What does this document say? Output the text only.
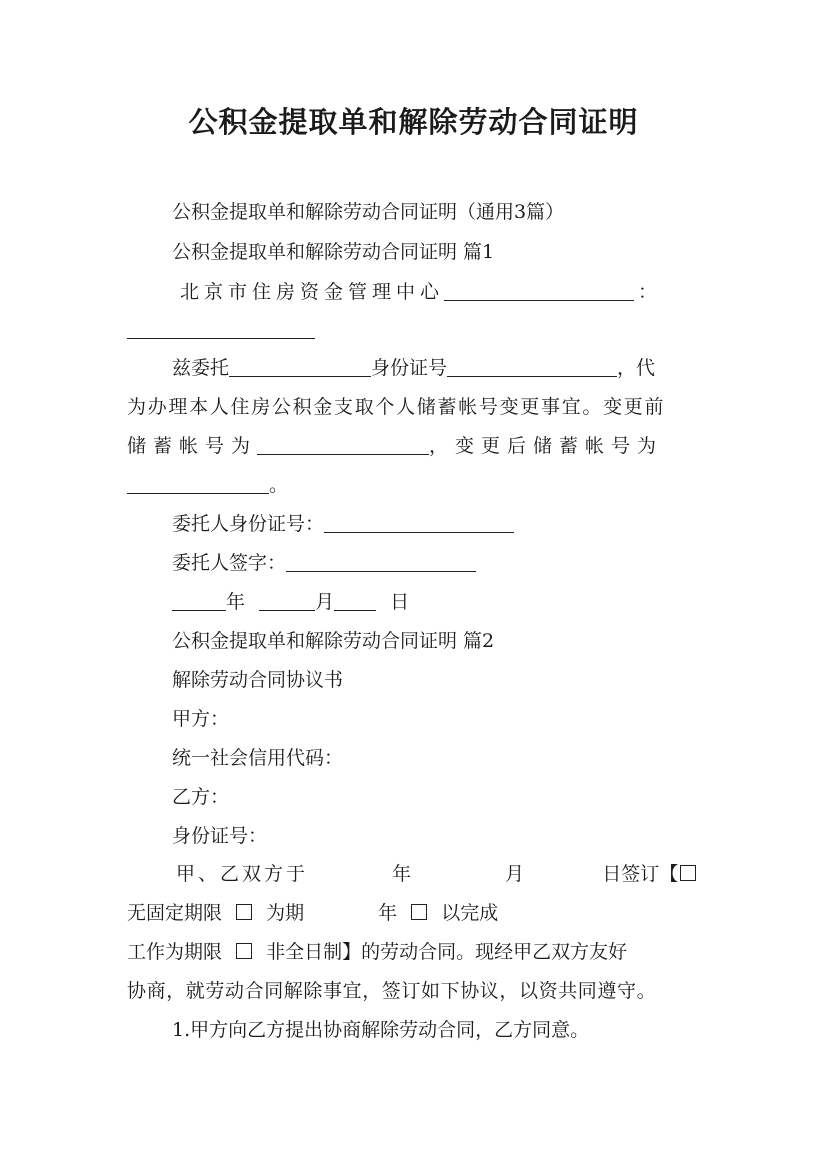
公积金提取单和解除劳动合同证明
公积金提取单和解除劳动合同证明（通用3篇）
公积金提取单和解除劳动合同证明 篇1
北京市住房资金管理中心	：
兹委托	身份证号	，代
为办理本人住房公积金支取个人储蓄帐号变更事宜。变更前
储蓄帐号为	，变更后储蓄帐号为
。
委托人身份证号：
委托人签字：
年	月	日
公积金提取单和解除劳动合同证明 篇2
解除劳动合同协议书
甲方：
统一社会信用代码：
乙方：
身份证号：
甲、乙双方于	年	月	日签订【
无固定期限 为期	年 以完成
工作为期限 非全日制】的劳动合同。现经甲乙双方友好
协商，就劳动合同解除事宜，签订如下协议，以资共同遵守。
1.甲方向乙方提出协商解除劳动合同，乙方同意。
